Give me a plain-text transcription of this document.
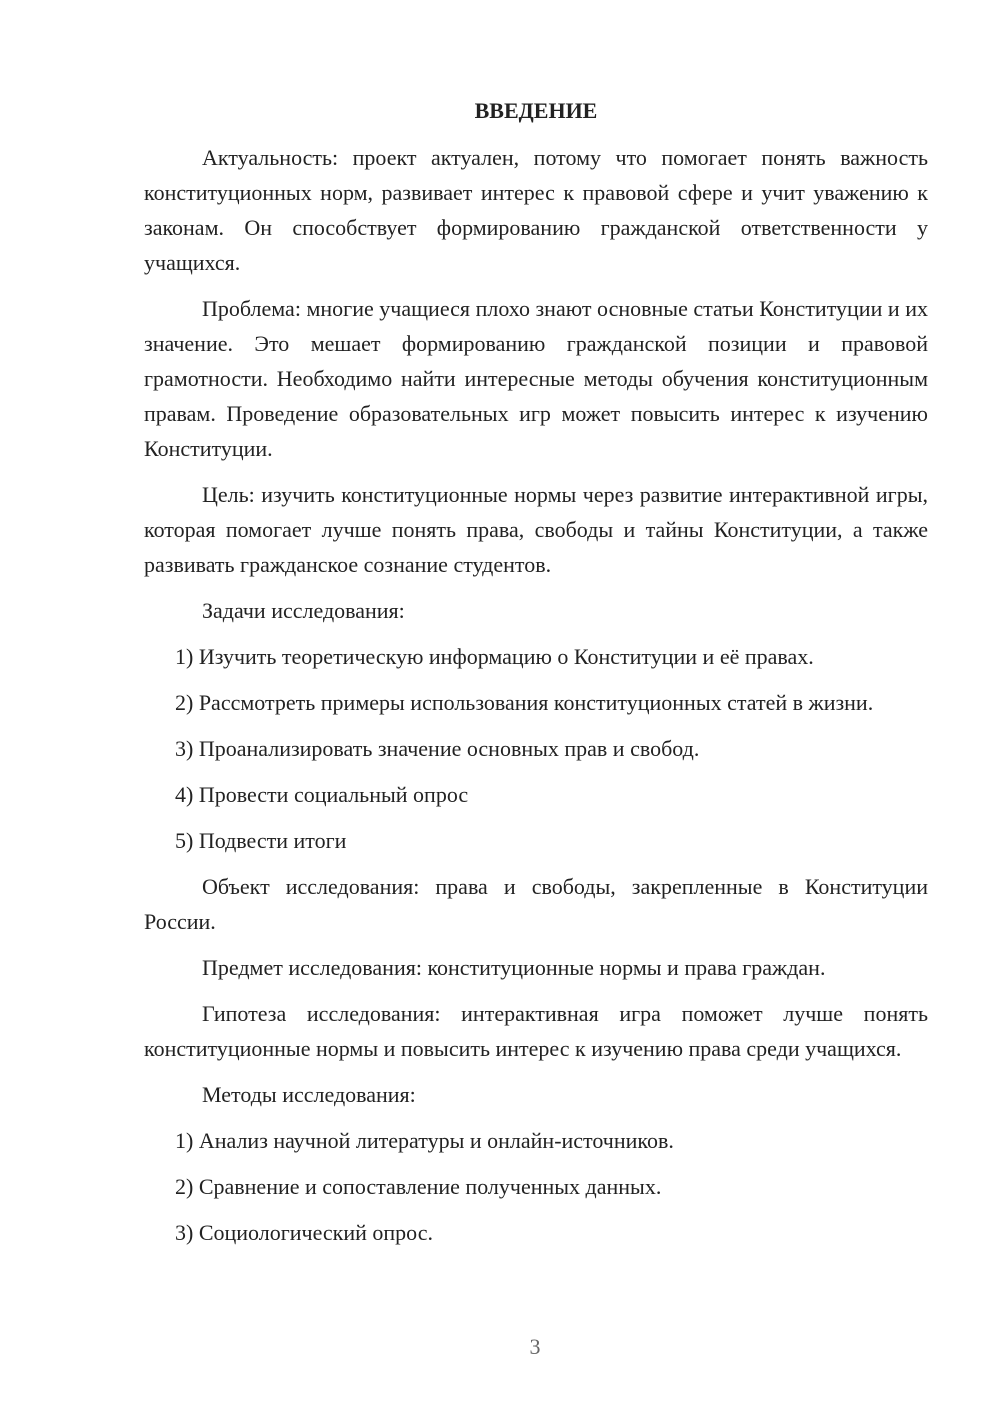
ВВЕДЕНИЕ

Актуальность: проект актуален, потому что помогает понять важность конституционных норм, развивает интерес к правовой сфере и учит уважению к законам. Он способствует формированию гражданской ответственности у учащихся.

Проблема: многие учащиеся плохо знают основные статьи Конституции и их значение. Это мешает формированию гражданской позиции и правовой грамотности. Необходимо найти интересные методы обучения конституционным правам. Проведение образовательных игр может повысить интерес к изучению Конституции.

Цель: изучить конституционные нормы через развитие интерактивной игры, которая помогает лучше понять права, свободы и тайны Конституции, а также развивать гражданское сознание студентов.

Задачи исследования:

1) Изучить теоретическую информацию о Конституции и её правах.

2) Рассмотреть примеры использования конституционных статей в жизни.

3) Проанализировать значение основных прав и свобод.

4) Провести социальный опрос

5) Подвести итоги

Объект исследования: права и свободы, закрепленные в Конституции России.

Предмет исследования: конституционные нормы и права граждан.

Гипотеза исследования: интерактивная игра поможет лучше понять конституционные нормы и повысить интерес к изучению права среди учащихся.

Методы исследования:

1) Анализ научной литературы и онлайн-источников.

2) Сравнение и сопоставление полученных данных.

3) Социологический опрос.

3
